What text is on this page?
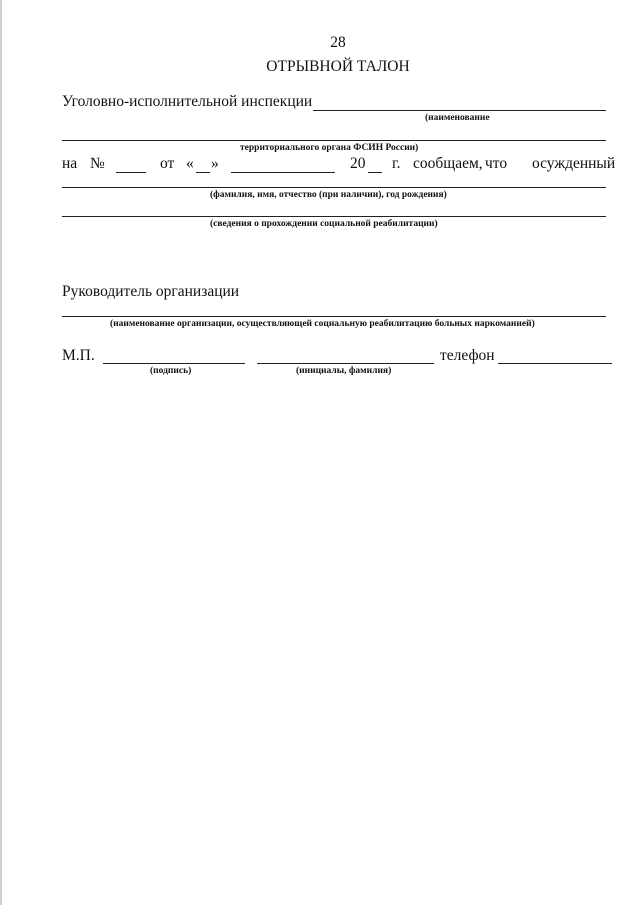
28
ОТРЫВНОЙ ТАЛОН
Уголовно-исполнительной инспекции
(наименование
территориального органа ФСИН России)
на №	от « »	20 г. сообщаем, что осужденный
(фамилия, имя, отчество (при наличии), год рождения)
(сведения о прохождении социальной реабилитации)
Руководитель организации
(наименование организации, осуществляющей социальную реабилитацию больных наркоманией)
М.П.
(подпись)	(инициалы, фамилия)
телефон
